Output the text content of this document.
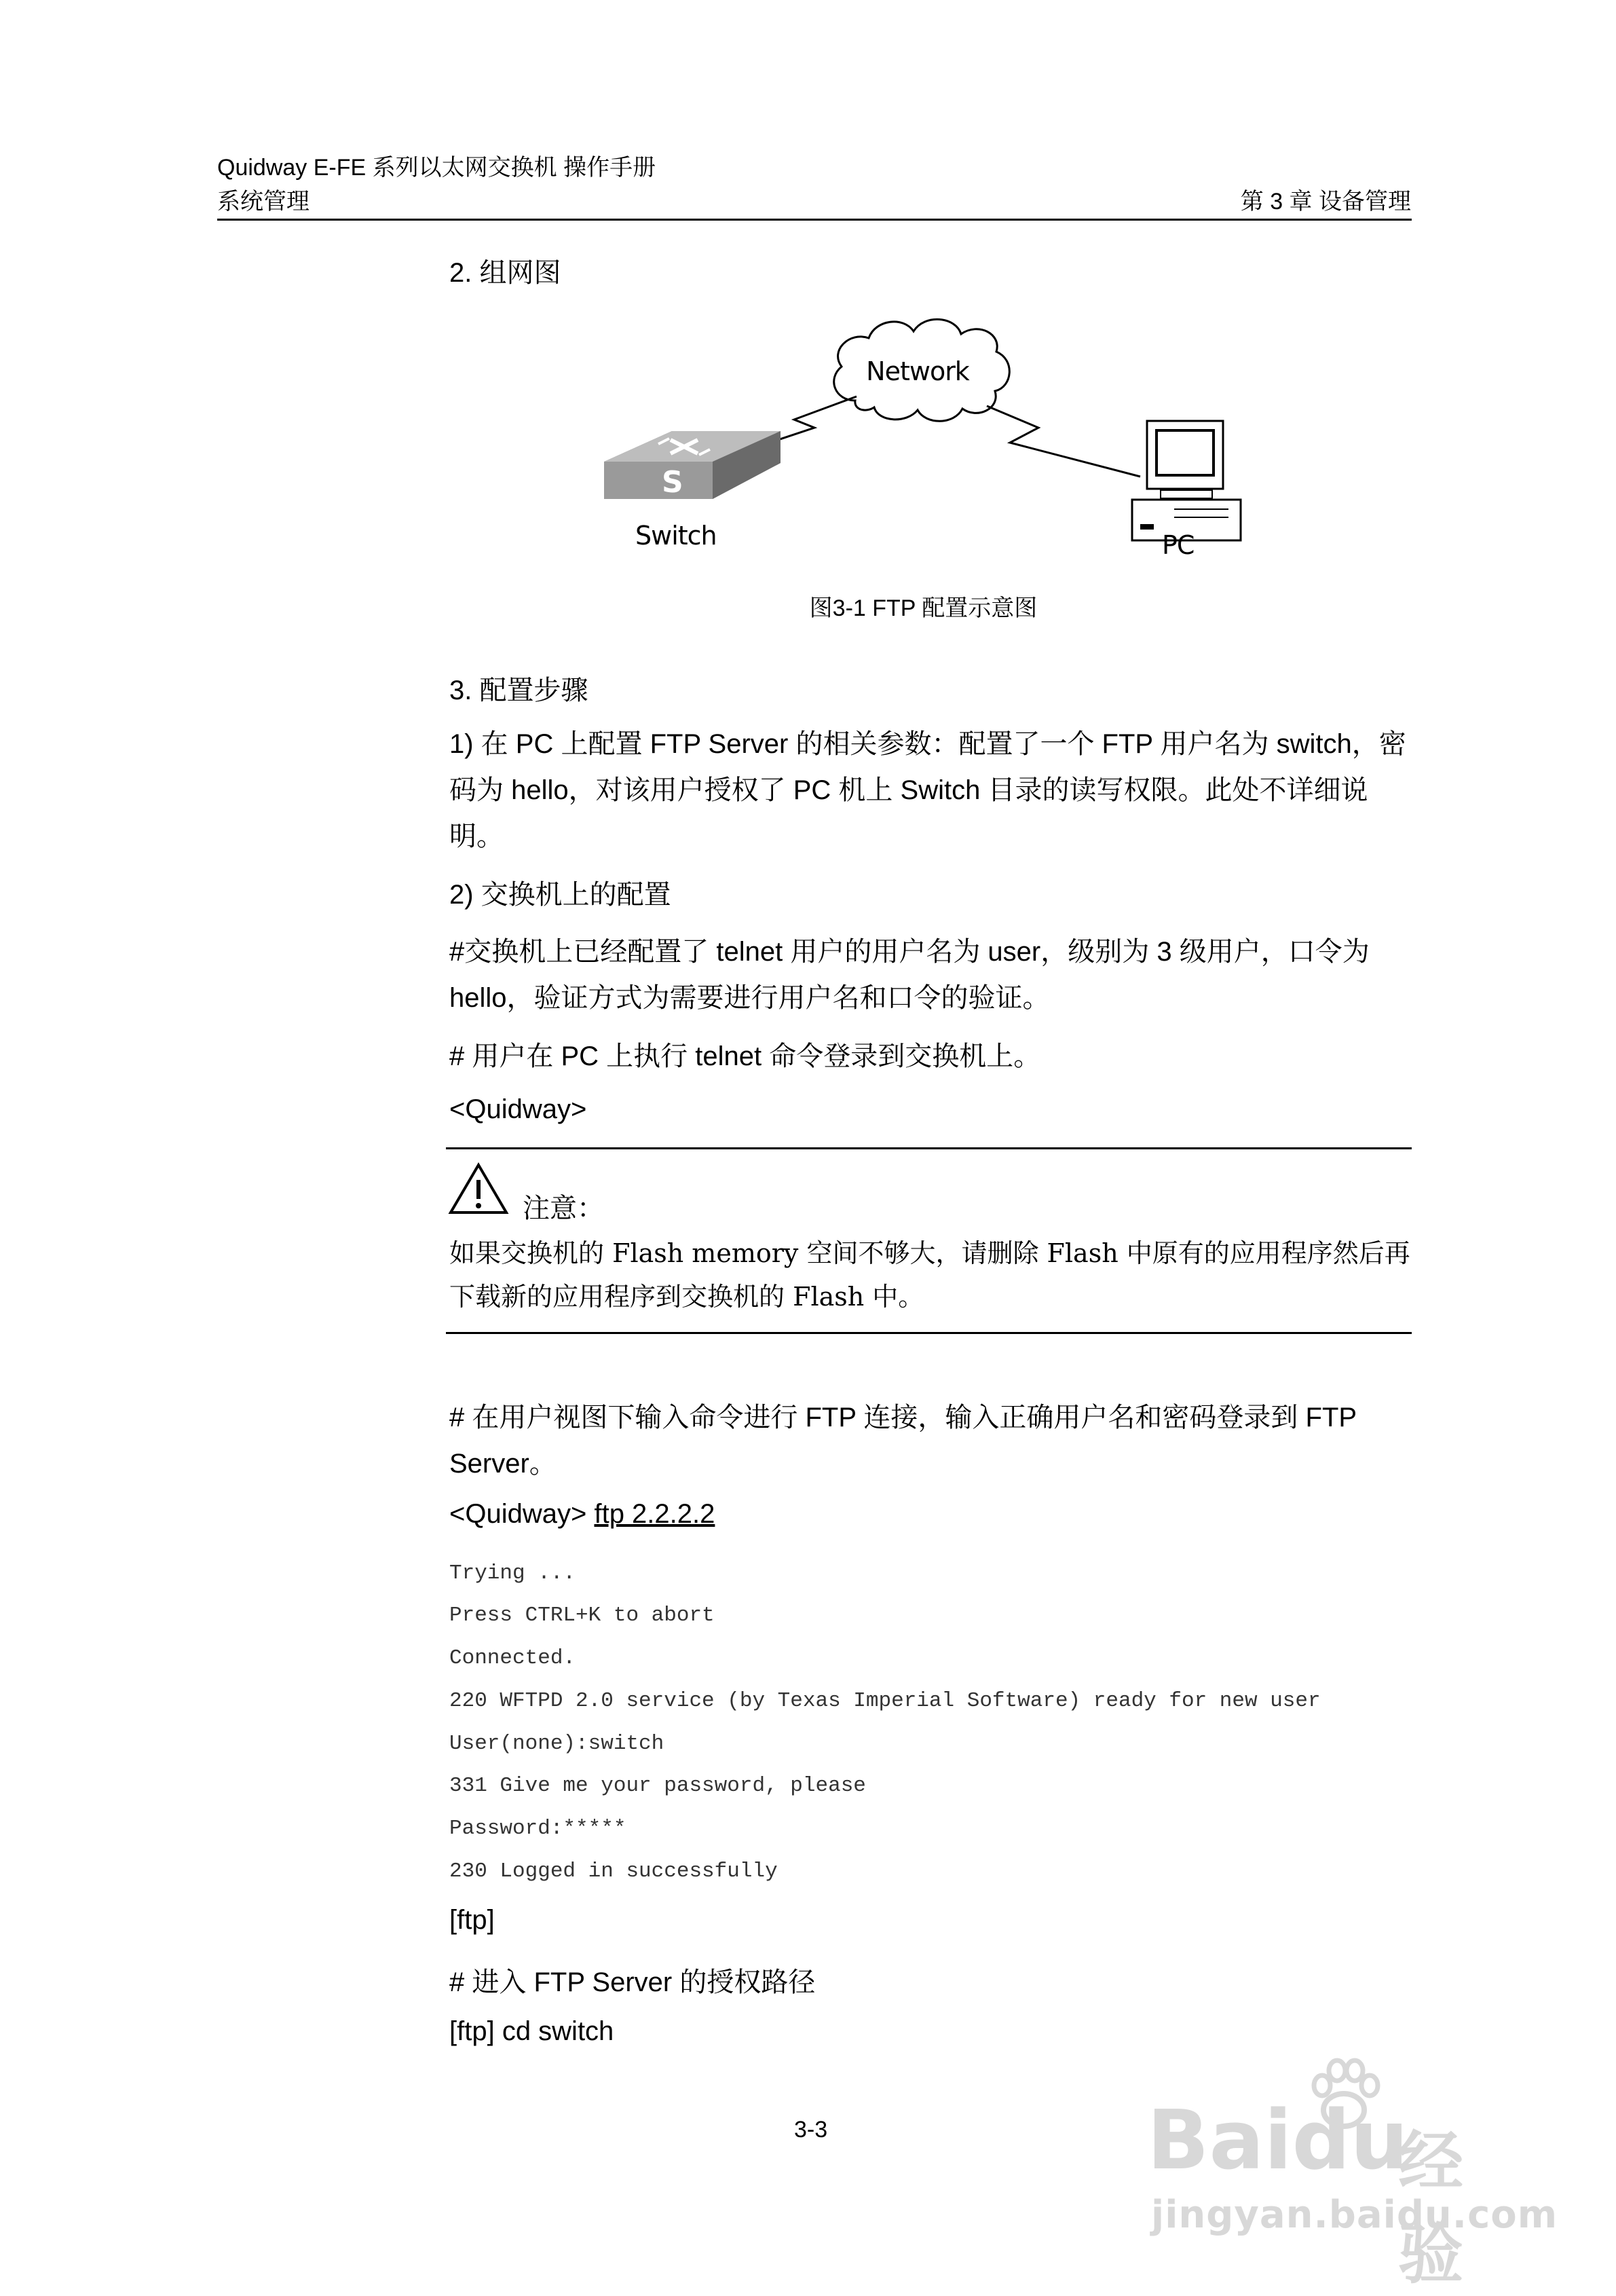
Quidway E-FE 系列以太网交换机 操作手册
系统管理	第 3 章 设备管理
2. 组网图
Network
S
Switch	PC
图3-1 FTP 配置示意图
3. 配置步骤
1) 在 PC 上配置 FTP Server 的相关参数：配置了一个 FTP 用户名为 switch，密码为 hello，对该用户授权了 PC 机上 Switch 目录的读写权限。此处不详细说明。
2) 交换机上的配置
#交换机上已经配置了 telnet 用户的用户名为 user，级别为 3 级用户，口令为 hello，验证方式为需要进行用户名和口令的验证。
# 用户在 PC 上执行 telnet 命令登录到交换机上。
<Quidway>
注意：
如果交换机的 Flash memory 空间不够大，请删除 Flash 中原有的应用程序然后再下载新的应用程序到交换机的 Flash 中。
# 在用户视图下输入命令进行 FTP 连接，输入正确用户名和密码登录到 FTP Server。
<Quidway> ftp 2.2.2.2
Trying ...
Press CTRL+K to abort
Connected.
220 WFTPD 2.0 service (by Texas Imperial Software) ready for new user
User(none):switch
331 Give me your password, please
Password:*****
230 Logged in successfully
[ftp]
# 进入 FTP Server 的授权路径
[ftp] cd switch
3-3	Baidu
经验
jingyan.baidu.com
